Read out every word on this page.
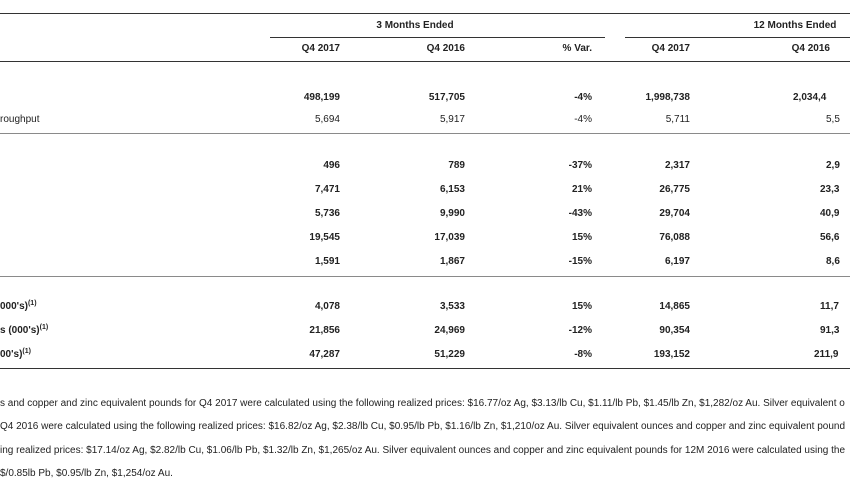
3 Months Ended	12 Months Ended
Q4 2017	Q4 2016	% Var.	Q4 2017	Q4 2016
498,199	517,705	-4%	1,998,738	2,034,4
roughput	5,694	5,917	-4%	5,711	5,5
496	789	-37%	2,317	2,9
7,471	6,153	21%	26,775	23,3
5,736	9,990	-43%	29,704	40,9
19,545	17,039	15%	76,088	56,6
1,591	1,867	-15%	6,197	8,6
000's)$^{(1)}$	4,078	3,533	15%	14,865	11,7
s $(000's)^{(1)}$	21,856	24,969	-12%	90,354	91,3
00's)$^{(1)}$	47,287	51,229	-8%	193,152	211,9
s and copper and zinc equivalent pounds for Q4 2017 were calculated using the following realized prices: $16.77/oz Ag, $3.13/lb Cu, $1.11/lb Pb, $1.45/lb Zn, $1,282/oz Au. Silver equivalent o
Q4 2016 were calculated using the following realized prices: $16.82/oz Ag, $2.38/lb Cu, $0.95/lb Pb, $1.16/lb Zn, $1,210/oz Au. Silver equivalent ounces and copper and zinc equivalent pound
ing realized prices: $17.14/oz Ag, $2.82/lb Cu, $1.06/lb Pb, $1.32/lb Zn, $1,265/oz Au. Silver equivalent ounces and copper and zinc equivalent pounds for 12M 2016 were calculated using the
$/0.85lb Pb, $0.95/lb Zn, $1,254/oz Au.
